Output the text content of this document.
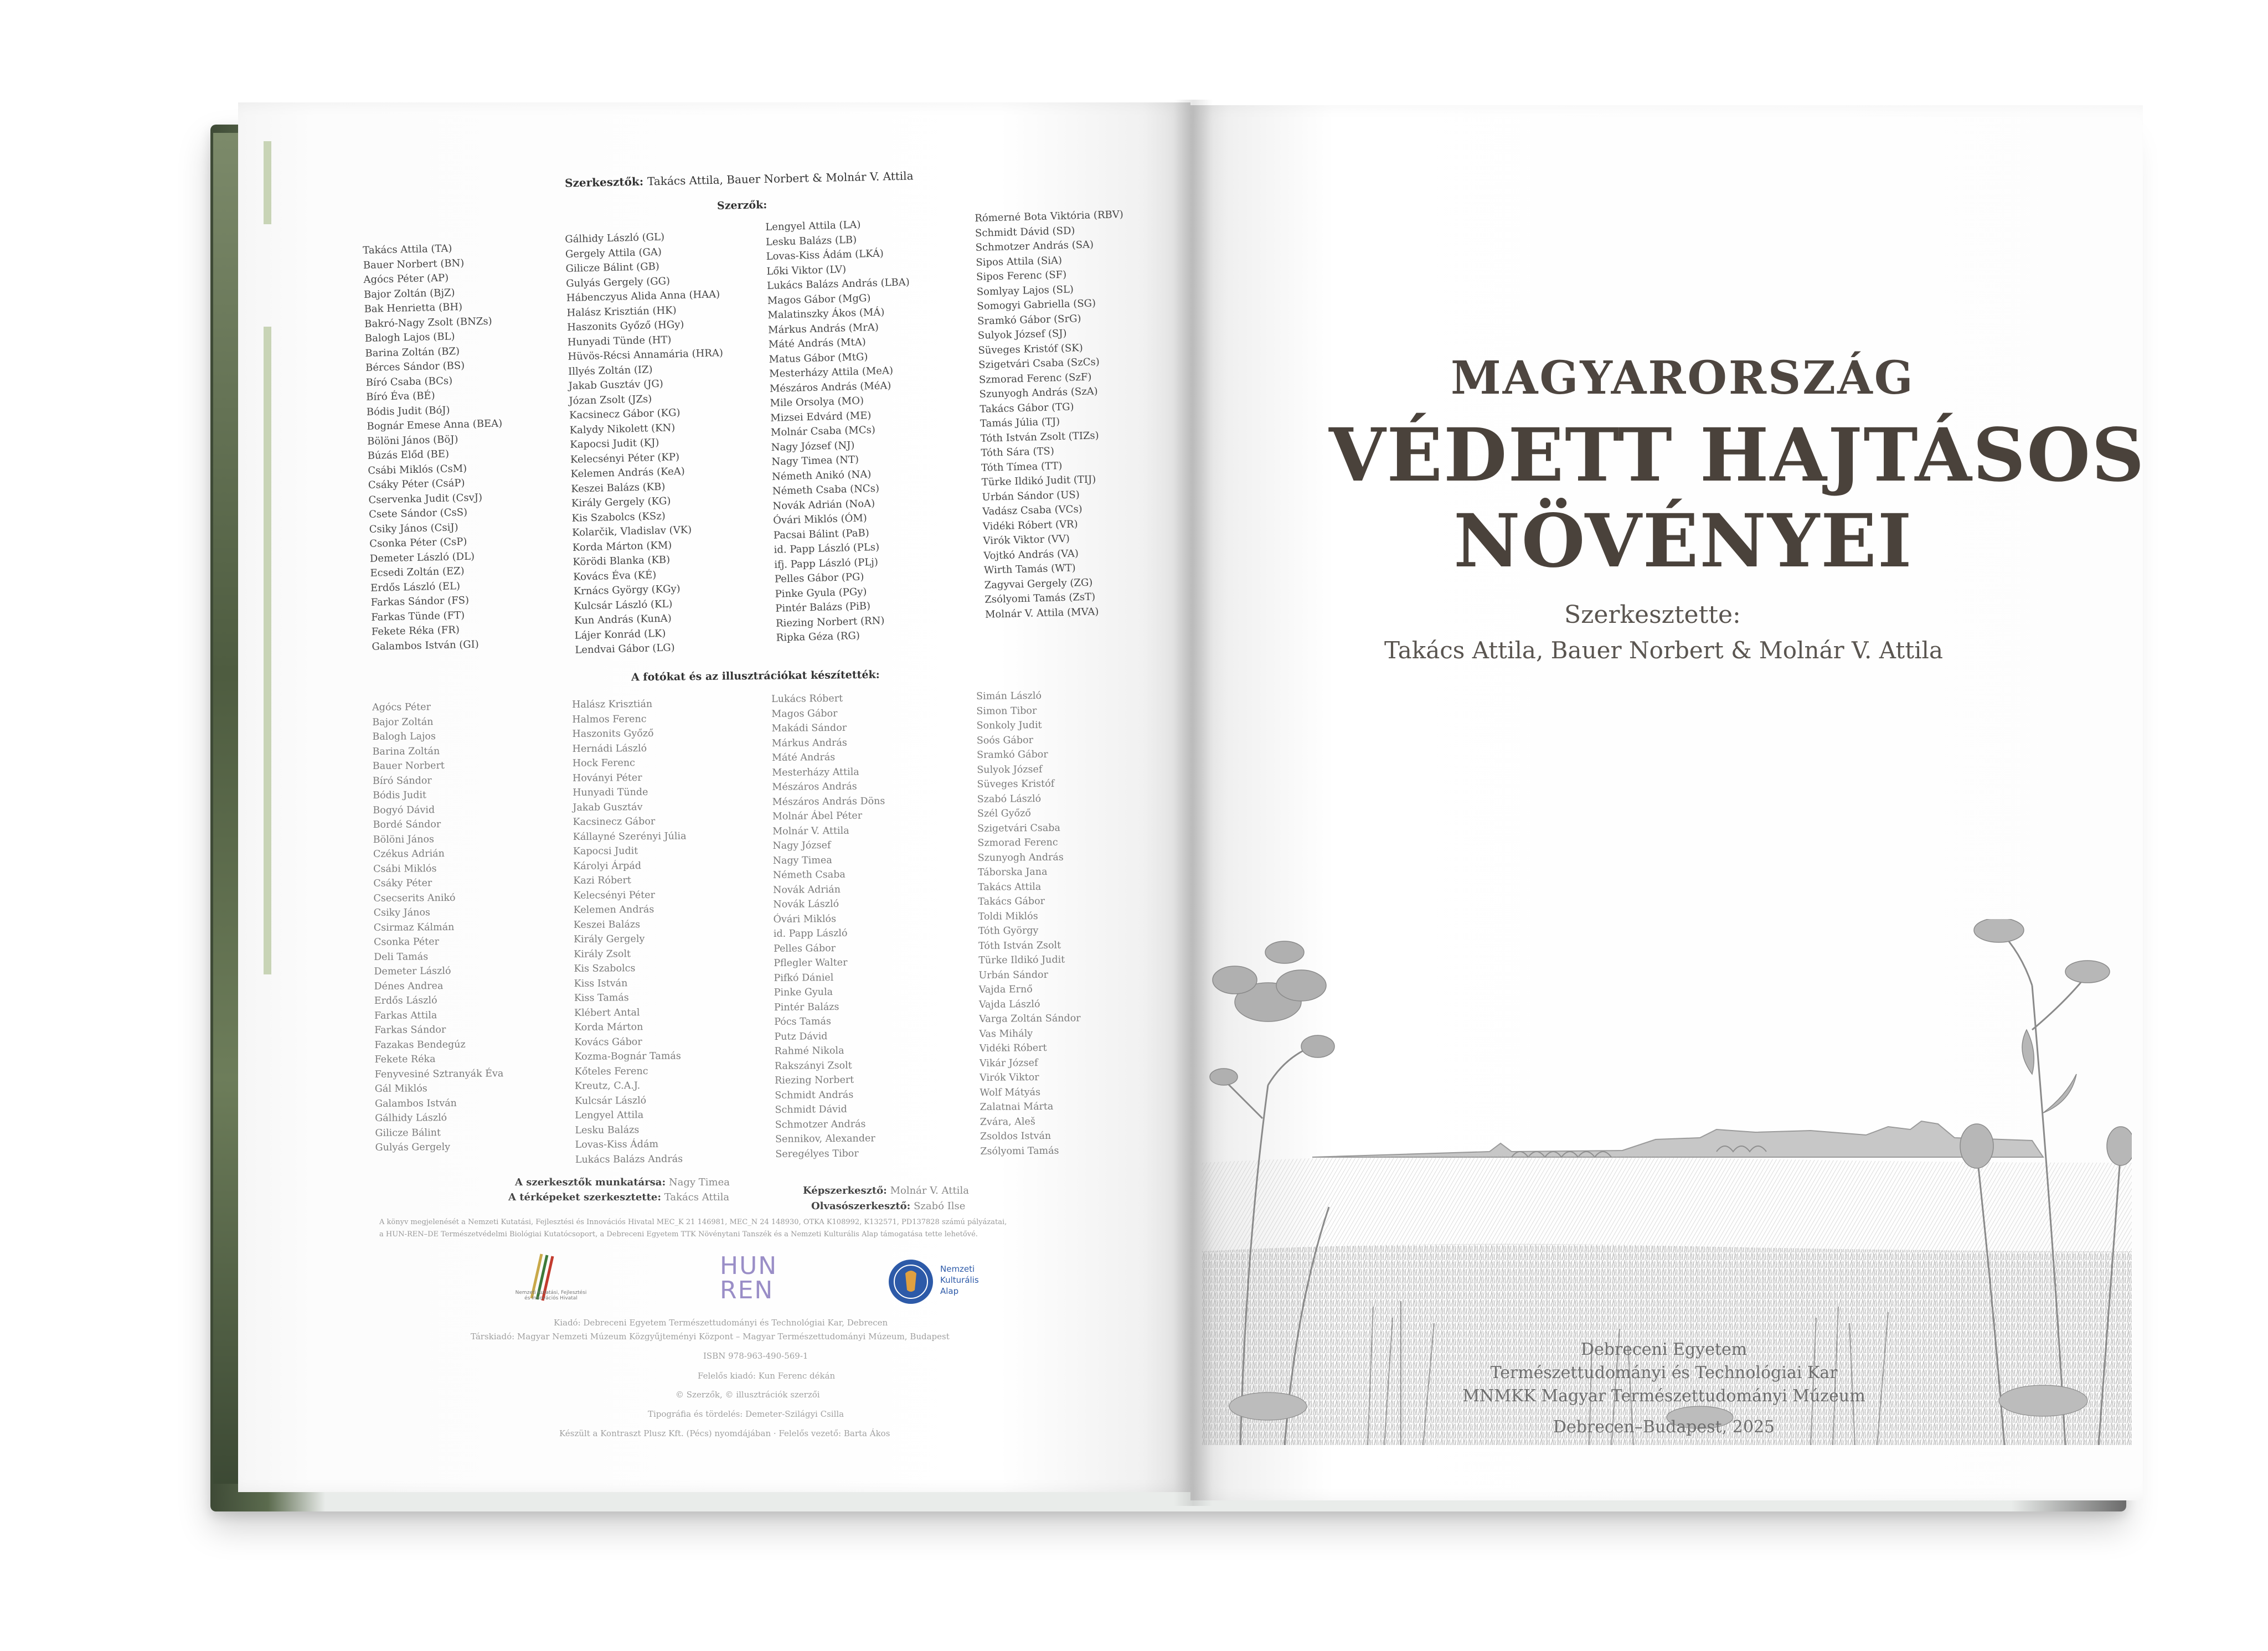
Szerkesztők: Takács Attila, Bauer Norbert & Molnár V. Attila
Szerzők:
Takács Attila (TA)
Bauer Norbert (BN)
Agócs Péter (AP)
Bajor Zoltán (BjZ)
Bak Henrietta (BH)
Bakró-Nagy Zsolt (BNZs)
Balogh Lajos (BL)
Barina Zoltán (BZ)
Bérces Sándor (BS)
Bíró Csaba (BCs)
Bíró Éva (BÉ)
Bódis Judit (BóJ)
Bognár Emese Anna (BEA)
Bölöni János (BöJ)
Búzás Előd (BE)
Csábi Miklós (CsM)
Csáky Péter (CsáP)
Cservenka Judit (CsvJ)
Csete Sándor (CsS)
Csiky János (CsiJ)
Csonka Péter (CsP)
Demeter László (DL)
Ecsedi Zoltán (EZ)
Erdős László (EL)
Farkas Sándor (FS)
Farkas Tünde (FT)
Fekete Réka (FR)
Galambos István (GI)
Gálhidy László (GL)
Gergely Attila (GA)
Gilicze Bálint (GB)
Gulyás Gergely (GG)
Hábenczyus Alida Anna (HAA)
Halász Krisztián (HK)
Haszonits Győző (HGy)
Hunyadi Tünde (HT)
Hüvös-Récsi Annamária (HRA)
Illyés Zoltán (IZ)
Jakab Gusztáv (JG)
Józan Zsolt (JZs)
Kacsinecz Gábor (KG)
Kalydy Nikolett (KN)
Kapocsi Judit (KJ)
Kelecsényi Péter (KP)
Kelemen András (KeA)
Keszei Balázs (KB)
Király Gergely (KG)
Kis Szabolcs (KSz)
Kolarčik, Vladislav (VK)
Korda Márton (KM)
Körödi Blanka (KB)
Kovács Éva (KÉ)
Krnács György (KGy)
Kulcsár László (KL)
Kun András (KunA)
Lájer Konrád (LK)
Lendvai Gábor (LG)
Lengyel Attila (LA)
Lesku Balázs (LB)
Lovas-Kiss Ádám (LKÁ)
Lőki Viktor (LV)
Lukács Balázs András (LBA)
Magos Gábor (MgG)
Malatinszky Ákos (MÁ)
Márkus András (MrA)
Máté András (MtA)
Matus Gábor (MtG)
Mesterházy Attila (MeA)
Mészáros András (MéA)
Mile Orsolya (MO)
Mizsei Edvárd (ME)
Molnár Csaba (MCs)
Nagy József (NJ)
Nagy Timea (NT)
Németh Anikó (NA)
Németh Csaba (NCs)
Novák Adrián (NoA)
Óvári Miklós (ÓM)
Pacsai Bálint (PaB)
id. Papp László (PLs)
ifj. Papp László (PLj)
Pelles Gábor (PG)
Pinke Gyula (PGy)
Pintér Balázs (PiB)
Riezing Norbert (RN)
Ripka Géza (RG)
Rómerné Bota Viktória (RBV)
Schmidt Dávid (SD)
Schmotzer András (SA)
Sipos Attila (SiA)
Sipos Ferenc (SF)
Somlyay Lajos (SL)
Somogyi Gabriella (SG)
Sramkó Gábor (SrG)
Sulyok József (SJ)
Süveges Kristóf (SK)
Szigetvári Csaba (SzCs)
Szmorad Ferenc (SzF)
Szunyogh András (SzA)
Takács Gábor (TG)
Tamás Júlia (TJ)
Tóth István Zsolt (TIZs)
Tóth Sára (TS)
Tóth Tímea (TT)
Türke Ildikó Judit (TIJ)
Urbán Sándor (US)
Vadász Csaba (VCs)
Vidéki Róbert (VR)
Virók Viktor (VV)
Vojtkó András (VA)
Wirth Tamás (WT)
Zagyvai Gergely (ZG)
Zsólyomi Tamás (ZsT)
Molnár V. Attila (MVA)
A fotókat és az illusztrációkat készítették:
Agócs Péter
Bajor Zoltán
Balogh Lajos
Barina Zoltán
Bauer Norbert
Bíró Sándor
Bódis Judit
Bogyó Dávid
Bordé Sándor
Bölöni János
Czékus Adrián
Csábi Miklós
Csáky Péter
Csecserits Anikó
Csiky János
Csirmaz Kálmán
Csonka Péter
Deli Tamás
Demeter László
Dénes Andrea
Erdős László
Farkas Attila
Farkas Sándor
Fazakas Bendegúz
Fekete Réka
Fenyvesiné Sztranyák Éva
Gál Miklós
Galambos István
Gálhidy László
Gilicze Bálint
Gulyás Gergely
Halász Krisztián
Halmos Ferenc
Haszonits Győző
Hernádi László
Hock Ferenc
Hoványi Péter
Hunyadi Tünde
Jakab Gusztáv
Kacsinecz Gábor
Kállayné Szerényi Júlia
Kapocsi Judit
Károlyi Árpád
Kazi Róbert
Kelecsényi Péter
Kelemen András
Keszei Balázs
Király Gergely
Király Zsolt
Kis Szabolcs
Kiss István
Kiss Tamás
Klébert Antal
Korda Márton
Kovács Gábor
Kozma-Bognár Tamás
Kőteles Ferenc
Kreutz, C.A.J.
Kulcsár László
Lengyel Attila
Lesku Balázs
Lovas-Kiss Ádám
Lukács Balázs András
Lukács Róbert
Magos Gábor
Makádi Sándor
Márkus András
Máté András
Mesterházy Attila
Mészáros András
Mészáros András Döns
Molnár Ábel Péter
Molnár V. Attila
Nagy József
Nagy Timea
Németh Csaba
Novák Adrián
Novák László
Óvári Miklós
id. Papp László
Pelles Gábor
Pflegler Walter
Pifkó Dániel
Pinke Gyula
Pintér Balázs
Pócs Tamás
Putz Dávid
Rahmé Nikola
Rakszányi Zsolt
Riezing Norbert
Schmidt András
Schmidt Dávid
Schmotzer András
Sennikov, Alexander
Seregélyes Tibor
Simán László
Simon Tibor
Sonkoly Judit
Soós Gábor
Sramkó Gábor
Sulyok József
Süveges Kristóf
Szabó László
Szél Győző
Szigetvári Csaba
Szmorad Ferenc
Szunyogh András
Táborska Jana
Takács Attila
Takács Gábor
Toldi Miklós
Tóth György
Tóth István Zsolt
Türke Ildikó Judit
Urbán Sándor
Vajda Ernő
Vajda László
Varga Zoltán Sándor
Vas Mihály
Vidéki Róbert
Vikár József
Virók Viktor
Wolf Mátyás
Zalatnai Márta
Zvára, Aleš
Zsoldos István
Zsólyomi Tamás
A szerkesztők munkatársa: Nagy Timea
A térképeket szerkesztette: Takács Attila
Képszerkesztő: Molnár V. Attila
Olvasószerkesztő: Szabó Ilse
A könyv megjelenését a Nemzeti Kutatási, Fejlesztési és Innovációs Hivatal MEC_K 21 146981, MEC_N 24 148930, OTKA K108992, K132571, PD137828 számú pályázatai,
a HUN-REN–DE Természetvédelmi Biológiai Kutatócsoport, a Debreceni Egyetem TTK Növénytani Tanszék és a Nemzeti Kulturális Alap támogatása tette lehetővé.
Nemzeti Kutatási, Fejlesztési és Innovációs Hivatal
HUN
REN
Nemzeti
Kulturális
Alap
Kiadó: Debreceni Egyetem Természettudományi és Technológiai Kar, Debrecen
Társkiadó: Magyar Nemzeti Múzeum Közgyűjteményi Központ – Magyar Természettudományi Múzeum, Budapest
ISBN 978-963-490-569-1
Felelős kiadó: Kun Ferenc dékán
© Szerzők, © illusztrációk szerzői
Tipográfia és tördelés: Demeter-Szilágyi Csilla
Készült a Kontraszt Plusz Kft. (Pécs) nyomdájában · Felelős vezető: Barta Ákos
MAGYARORSZÁG
VÉDETT HAJTÁSOS
NÖVÉNYEI
Szerkesztette:
Takács Attila, Bauer Norbert & Molnár V. Attila
Debreceni Egyetem
Természettudományi és Technológiai Kar
MNMKK Magyar Természettudományi Múzeum
Debrecen–Budapest, 2025
